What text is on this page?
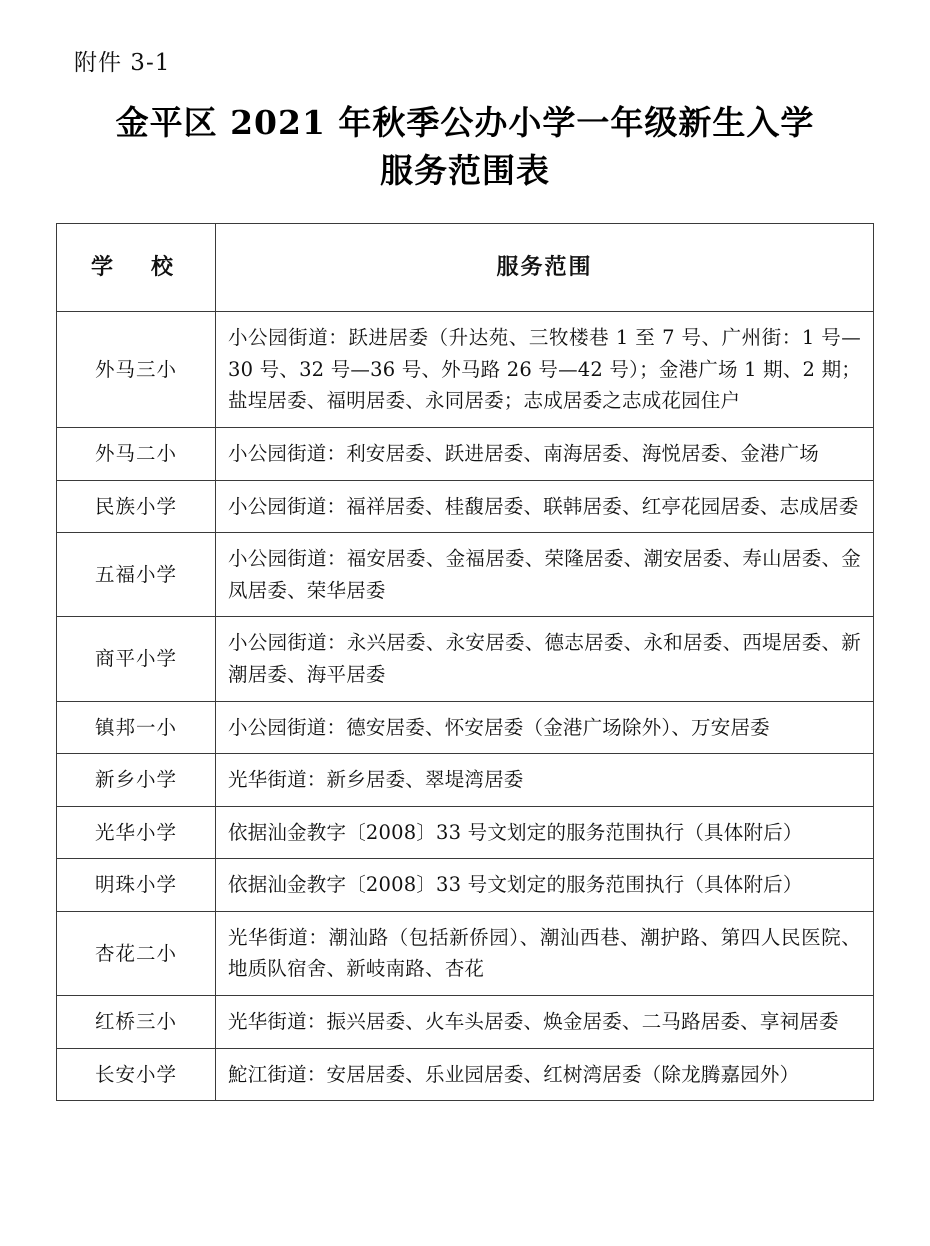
附件 3-1
金平区 2021 年秋季公办小学一年级新生入学
服务范围表
学　校	服务范围
外马三小	小公园街道：跃进居委（升达苑、三牧楼巷 1 至 7 号、广州街：1 号—30 号、32 号—36 号、外马路 26 号—42 号）；金港广场 1 期、2 期；盐埕居委、福明居委、永同居委；志成居委之志成花园住户
外马二小	小公园街道：利安居委、跃进居委、南海居委、海悦居委、金港广场
民族小学	小公园街道：福祥居委、桂馥居委、联韩居委、红亭花园居委、志成居委
五福小学	小公园街道：福安居委、金福居委、荣隆居委、潮安居委、寿山居委、金凤居委、荣华居委
商平小学	小公园街道：永兴居委、永安居委、德志居委、永和居委、西堤居委、新潮居委、海平居委
镇邦一小	小公园街道：德安居委、怀安居委（金港广场除外）、万安居委
新乡小学	光华街道：新乡居委、翠堤湾居委
光华小学	依据汕金教字〔2008〕33 号文划定的服务范围执行（具体附后）
明珠小学	依据汕金教字〔2008〕33 号文划定的服务范围执行（具体附后）
杏花二小	光华街道：潮汕路（包括新侨园）、潮汕西巷、潮护路、第四人民医院、地质队宿舍、新岐南路、杏花
红桥三小	光华街道：振兴居委、火车头居委、焕金居委、二马路居委、享祠居委
长安小学	鮀江街道：安居居委、乐业园居委、红树湾居委（除龙腾嘉园外）
